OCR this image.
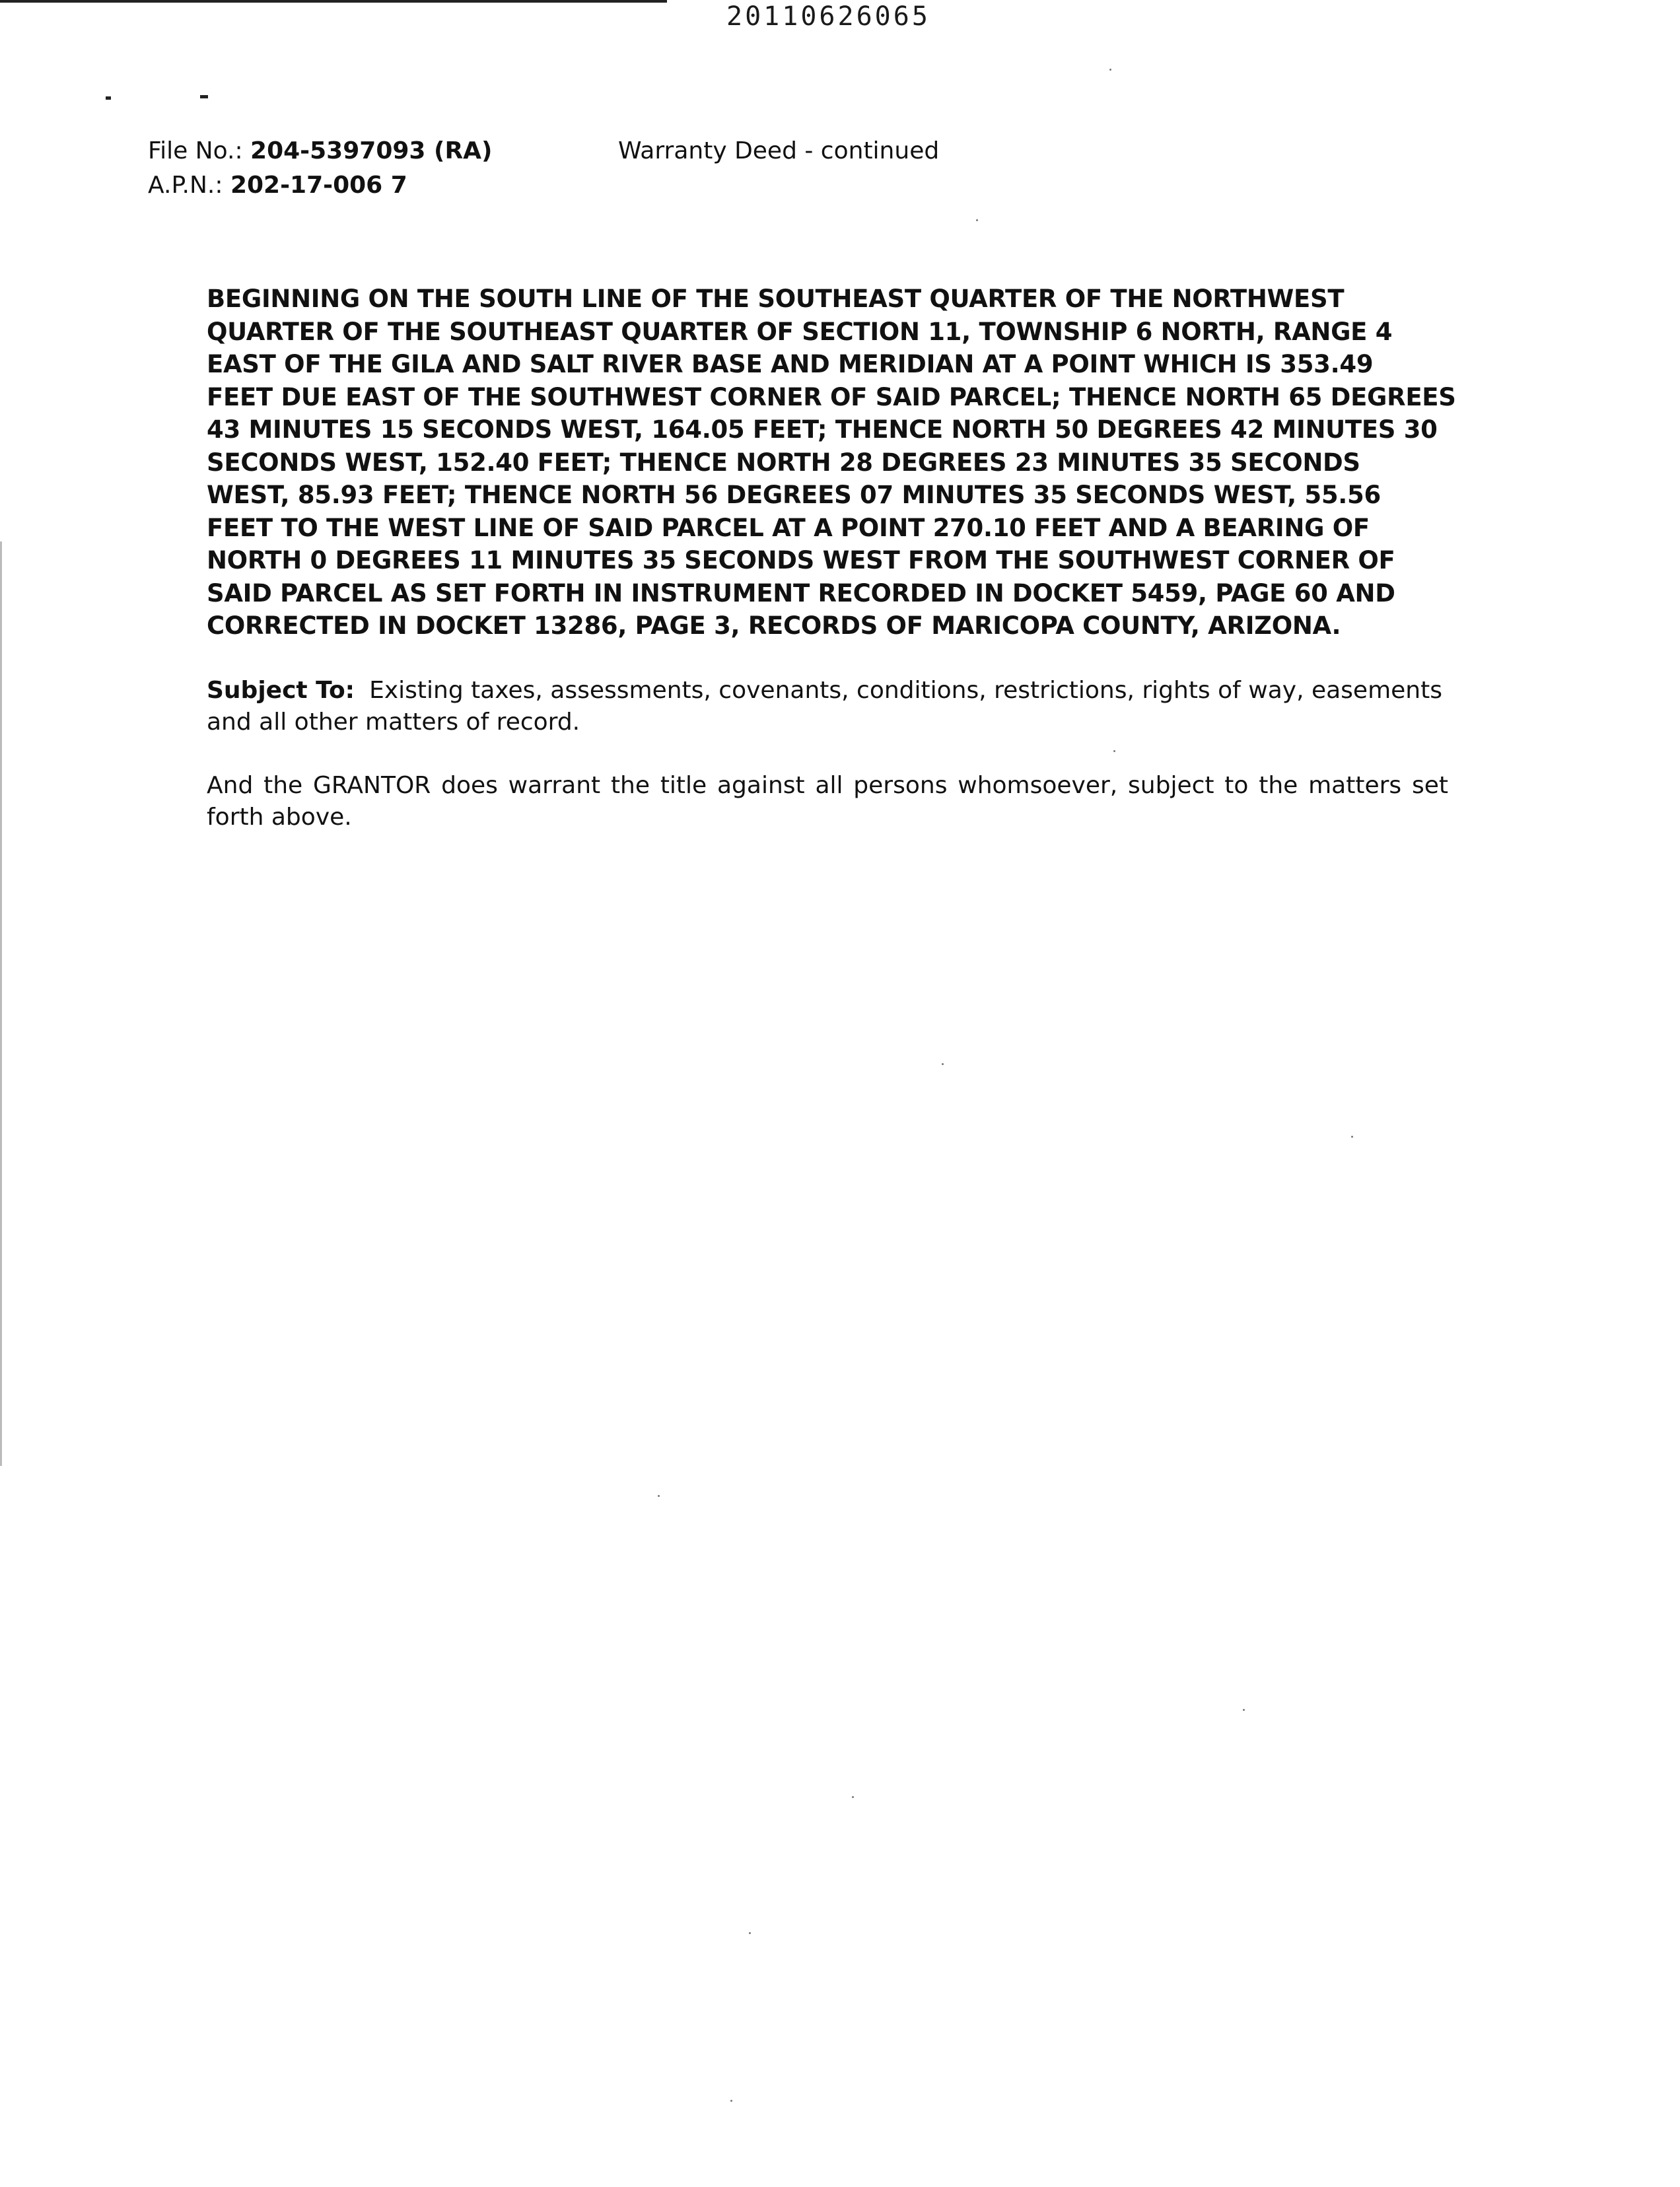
20110626065
File No.: 204-5397093 (RA)
A.P.N.: 202-17-006 7
Warranty Deed - continued

BEGINNING ON THE SOUTH LINE OF THE SOUTHEAST QUARTER OF THE NORTHWEST
QUARTER OF THE SOUTHEAST QUARTER OF SECTION 11, TOWNSHIP 6 NORTH, RANGE 4
EAST OF THE GILA AND SALT RIVER BASE AND MERIDIAN AT A POINT WHICH IS 353.49
FEET DUE EAST OF THE SOUTHWEST CORNER OF SAID PARCEL; THENCE NORTH 65 DEGREES
43 MINUTES 15 SECONDS WEST, 164.05 FEET; THENCE NORTH 50 DEGREES 42 MINUTES 30
SECONDS WEST, 152.40 FEET; THENCE NORTH 28 DEGREES 23 MINUTES 35 SECONDS
WEST, 85.93 FEET; THENCE NORTH 56 DEGREES 07 MINUTES 35 SECONDS WEST, 55.56
FEET TO THE WEST LINE OF SAID PARCEL AT A POINT 270.10 FEET AND A BEARING OF
NORTH 0 DEGREES 11 MINUTES 35 SECONDS WEST FROM THE SOUTHWEST CORNER OF
SAID PARCEL AS SET FORTH IN INSTRUMENT RECORDED IN DOCKET 5459, PAGE 60 AND
CORRECTED IN DOCKET 13286, PAGE 3, RECORDS OF MARICOPA COUNTY, ARIZONA.

Subject To: Existing taxes, assessments, covenants, conditions, restrictions, rights of way, easements and all other matters of record.

And the GRANTOR does warrant the title against all persons whomsoever, subject to the matters set forth above.
